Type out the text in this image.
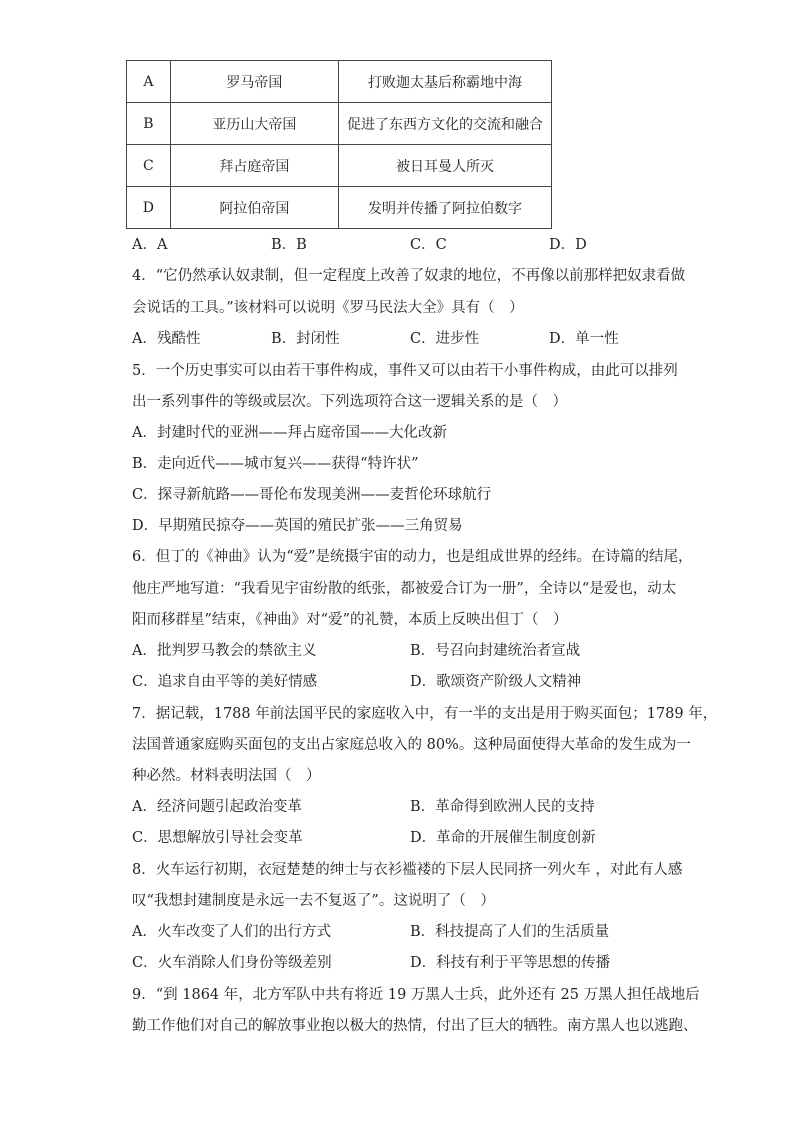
A	罗马帝国	打败迦太基后称霸地中海
B	亚历山大帝国	促进了东西方文化的交流和融合
C	拜占庭帝国	被日耳曼人所灭
D	阿拉伯帝国	发明并传播了阿拉伯数字
A．A	B．B	C．C	D．D
4．“它仍然承认奴隶制，但一定程度上改善了奴隶的地位，不再像以前那样把奴隶看做
会说话的工具。”该材料可以说明《罗马民法大全》具有（　）
A．残酷性	B．封闭性	C．进步性	D．单一性
5．一个历史事实可以由若干事件构成，事件又可以由若干小事件构成，由此可以排列
出一系列事件的等级或层次。下列选项符合这一逻辑关系的是（　）
A．封建时代的亚洲——拜占庭帝国——大化改新
B．走向近代——城市复兴——获得“特许状”
C．探寻新航路——哥伦布发现美洲——麦哲伦环球航行
D．早期殖民掠夺——英国的殖民扩张——三角贸易
6．但丁的《神曲》认为“爱”是统摄宇宙的动力，也是组成世界的经纬。在诗篇的结尾，
他庄严地写道：“我看见宇宙纷散的纸张，都被爱合订为一册”，全诗以“是爱也，动太
阳而移群星”结束，《神曲》对“爱”的礼赞，本质上反映出但丁（　）
A．批判罗马教会的禁欲主义	B．号召向封建统治者宣战
C．追求自由平等的美好情感	D．歌颂资产阶级人文精神
7．据记载，1788 年前法国平民的家庭收入中，有一半的支出是用于购买面包；1789 年，
法国普通家庭购买面包的支出占家庭总收入的 80%。这种局面使得大革命的发生成为一
种必然。材料表明法国（　）
A．经济问题引起政治变革	B．革命得到欧洲人民的支持
C．思想解放引导社会变革	D．革命的开展催生制度创新
8．火车运行初期，衣冠楚楚的绅士与衣衫褴褛的下层人民同挤一列火车 ，对此有人感
叹“我想封建制度是永远一去不复返了”。这说明了（　）
A．火车改变了人们的出行方式	B．科技提高了人们的生活质量
C．火车消除人们身份等级差别	D．科技有利于平等思想的传播
9．“到 1864 年，北方军队中共有将近 19 万黑人士兵，此外还有 25 万黑人担任战地后
勤工作他们对自己的解放事业抱以极大的热情，付出了巨大的牺牲。南方黑人也以逃跑、
